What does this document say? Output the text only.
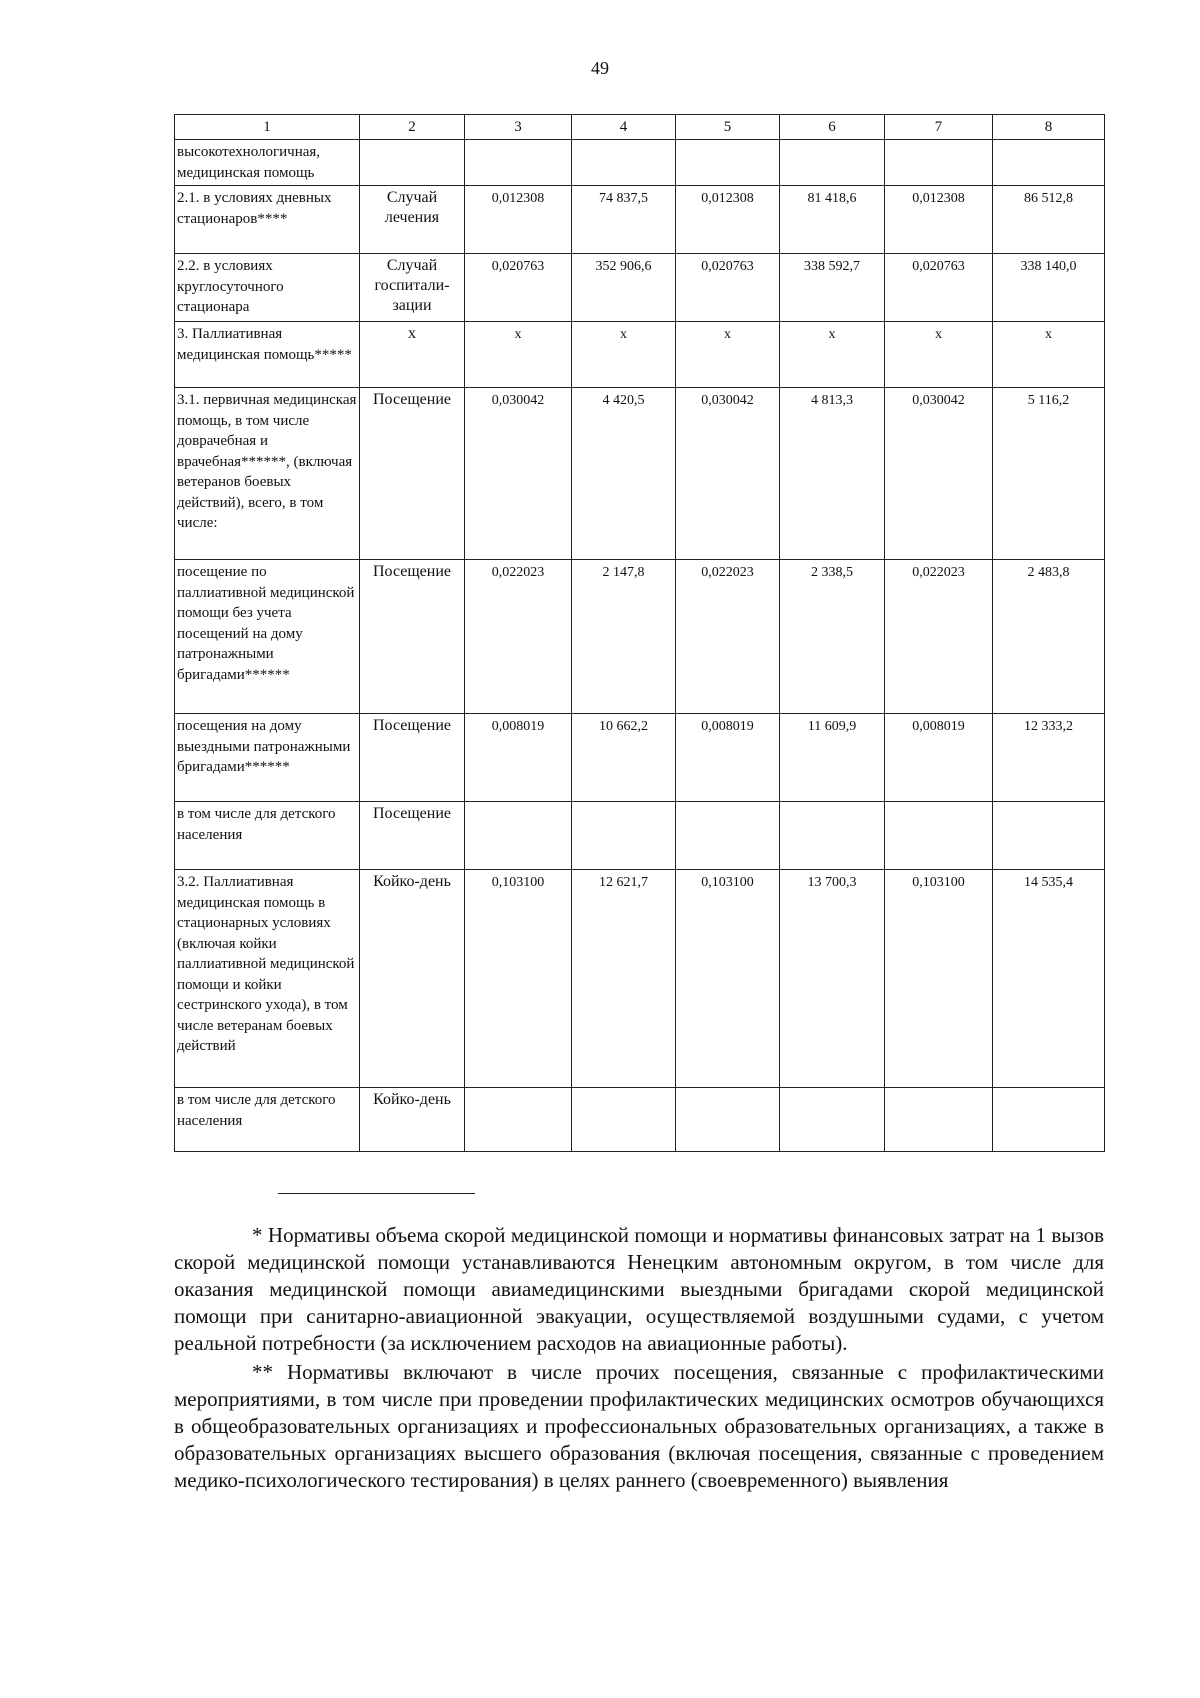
49
1	2	3	4	5	6	7	8
высокотехнологичная, медицинская помощь							
2.1. в условиях дневных стационаров****	Случай лечения	0,012308	74 837,5	0,012308	81 418,6	0,012308	86 512,8
2.2. в условиях круглосуточного стационара	Случай госпитали-зации	0,020763	352 906,6	0,020763	338 592,7	0,020763	338 140,0
3. Паллиативная медицинская помощь*****	х	х	х	х	х	х	х
3.1. первичная медицинская помощь, в том числе доврачебная и врачебная******, (включая ветеранов боевых действий), всего, в том числе:	Посещение	0,030042	4 420,5	0,030042	4 813,3	0,030042	5 116,2
посещение по паллиативной медицинской помощи без учета посещений на дому патронажными бригадами******	Посещение	0,022023	2 147,8	0,022023	2 338,5	0,022023	2 483,8
посещения на дому выездными патронажными бригадами******	Посещение	0,008019	10 662,2	0,008019	11 609,9	0,008019	12 333,2
в том числе для детского населения	Посещение						
3.2. Паллиативная медицинская помощь в стационарных условиях (включая койки паллиативной медицинской помощи и койки сестринского ухода), в том числе ветеранам боевых действий	Койко-день	0,103100	12 621,7	0,103100	13 700,3	0,103100	14 535,4
в том числе для детского населения	Койко-день						

* Нормативы объема скорой медицинской помощи и нормативы финансовых затрат на 1 вызов скорой медицинской помощи устанавливаются Ненецким автономным округом, в том числе для оказания медицинской помощи авиамедицинскими выездными бригадами скорой медицинской помощи при санитарно-авиационной эвакуации, осуществляемой воздушными судами, с учетом реальной потребности (за исключением расходов на авиационные работы).

** Нормативы включают в числе прочих посещения, связанные с профилактическими мероприятиями, в том числе при проведении профилактических медицинских осмотров обучающихся в общеобразовательных организациях и профессиональных образовательных организациях, а также в образовательных организациях высшего образования (включая посещения, связанные с проведением медико-психологического тестирования) в целях раннего (своевременного) выявления
